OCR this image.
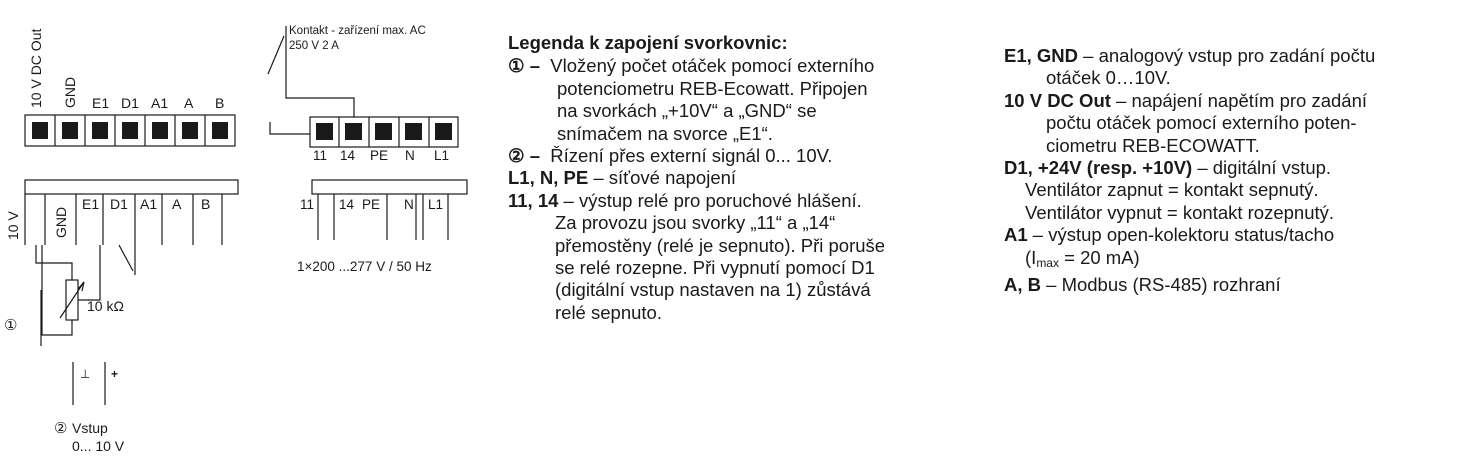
10 V DC Out GND E1 D1 A1 A B
10 V GND
E1 D1 A1 A B
10 kΩ
①
⊥ +
② Vstup
0... 10 V
Kontakt - zařízení max. AC
250 V 2 A
11 14 PE N L1
11 14 PE N L1
1×200 ...277 V / 50 Hz

Legenda k zapojení svorkovnic:

① – Vložený počet otáček pomocí externího

potenciometru REB-Ecowatt. Připojen

na svorkách „+10V“ a „GND“ se

snímačem na svorce „E1“.

② – Řízení přes externí signál 0... 10V.

L1, N, PE – síťové napojení

11, 14 – výstup relé pro poruchové hlášení.

Za provozu jsou svorky „11“ a „14“

přemostěny (relé je sepnuto). Při poruše

se relé rozepne. Při vypnutí pomocí D1

(digitální vstup nastaven na 1) zůstává

relé sepnuto.

E1, GND – analogový vstup pro zadání počtu

otáček 0…10V.

10 V DC Out – napájení napětím pro zadání

počtu otáček pomocí externího poten-

ciometru REB-ECOWATT.

D1, +24V (resp. +10V) – digitální vstup.

Ventilátor zapnut = kontakt sepnutý.

Ventilátor vypnut = kontakt rozepnutý.

A1 – výstup open-kolektoru status/tacho

($I_{max} = 20$ mA)

A, B – Modbus (RS-485) rozhraní
